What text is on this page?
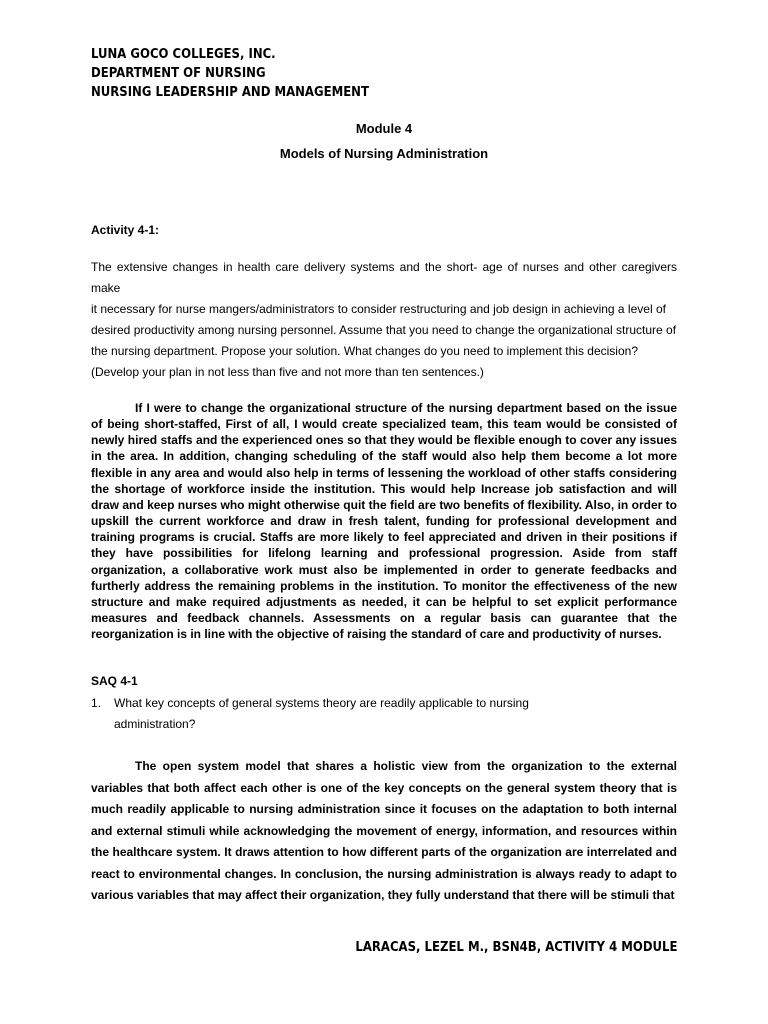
LUNA GOCO COLLEGES, INC.
DEPARTMENT OF NURSING
NURSING LEADERSHIP AND MANAGEMENT
Module 4
Models of Nursing Administration
Activity 4-1:
The extensive changes in health care delivery systems and the short- age of nurses and other caregivers make
it necessary for nurse mangers/administrators to consider restructuring and job design in achieving a level of
desired productivity among nursing personnel. Assume that you need to change the organizational structure of
the nursing department. Propose your solution. What changes do you need to implement this decision?
(Develop your plan in not less than five and not more than ten sentences.)
If I were to change the organizational structure of the nursing department based on the issue of being short-staffed, First of all, I would create specialized team, this team would be consisted of newly hired staffs and the experienced ones so that they would be flexible enough to cover any issues in the area. In addition, changing scheduling of the staff would also help them become a lot more flexible in any area and would also help in terms of lessening the workload of other staffs considering the shortage of workforce inside the institution. This would help Increase job satisfaction and will draw and keep nurses who might otherwise quit the field are two benefits of flexibility. Also, in order to upskill the current workforce and draw in fresh talent, funding for professional development and training programs is crucial. Staffs are more likely to feel appreciated and driven in their positions if they have possibilities for lifelong learning and professional progression. Aside from staff organization, a collaborative work must also be implemented in order to generate feedbacks and furtherly address the remaining problems in the institution. To monitor the effectiveness of the new structure and make required adjustments as needed, it can be helpful to set explicit performance measures and feedback channels. Assessments on a regular basis can guarantee that the reorganization is in line with the objective of raising the standard of care and productivity of nurses.
SAQ 4-1
1. What key concepts of general systems theory are readily applicable to nursing
administration?
The open system model that shares a holistic view from the organization to the external variables that both affect each other is one of the key concepts on the general system theory that is much readily applicable to nursing administration since it focuses on the adaptation to both internal and external stimuli while acknowledging the movement of energy, information, and resources within the healthcare system. It draws attention to how different parts of the organization are interrelated and react to environmental changes. In conclusion, the nursing administration is always ready to adapt to various variables that may affect their organization, they fully understand that there will be stimuli that
LARACAS, LEZEL M., BSN4B, ACTIVITY 4 MODULE
